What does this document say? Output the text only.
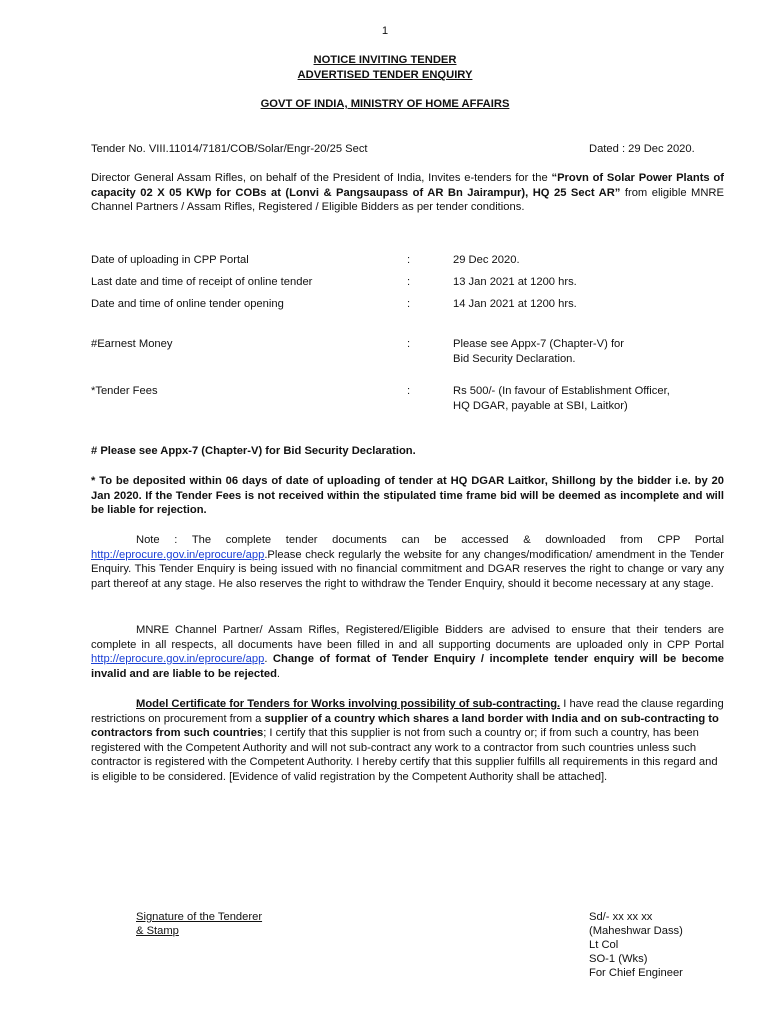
1
NOTICE INVITING TENDER
ADVERTISED TENDER ENQUIRY
GOVT OF INDIA, MINISTRY OF HOME AFFAIRS
Tender No. VIII.11014/7181/COB/Solar/Engr-20/25 Sect	Dated : 29 Dec 2020.
Director General Assam Rifles, on behalf of the President of India, Invites e-tenders for the “Provn of Solar Power Plants of capacity 02 X 05 KWp for COBs at (Lonvi & Pangsaupass of AR Bn Jairampur), HQ 25 Sect AR” from eligible MNRE Channel Partners / Assam Rifles, Registered / Eligible Bidders as per tender conditions.
Date of uploading in CPP Portal	:	29 Dec 2020.
Last date and time of receipt of online tender	:	13 Jan 2021 at 1200 hrs.
Date and time of online tender opening	:	14 Jan 2021 at 1200 hrs.
#Earnest Money	:	Please see Appx-7 (Chapter-V) for
Bid Security Declaration.
*Tender Fees	:	Rs 500/- (In favour of Establishment Officer,
HQ DGAR, payable at SBI, Laitkor)
# Please see Appx-7 (Chapter-V) for Bid Security Declaration.
* To be deposited within 06 days of date of uploading of tender at HQ DGAR Laitkor, Shillong by the bidder i.e. by 20 Jan 2020. If the Tender Fees is not received within the stipulated time frame bid will be deemed as incomplete and will be liable for rejection.
Note : The complete tender documents can be accessed & downloaded from CPP Portal http://eprocure.gov.in/eprocure/app.Please check regularly the website for any changes/modification/ amendment in the Tender Enquiry. This Tender Enquiry is being issued with no financial commitment and DGAR reserves the right to change or vary any part thereof at any stage. He also reserves the right to withdraw the Tender Enquiry, should it become necessary at any stage.
MNRE Channel Partner/ Assam Rifles, Registered/Eligible Bidders are advised to ensure that their tenders are complete in all respects, all documents have been filled in and all supporting documents are uploaded only in CPP Portal http://eprocure.gov.in/eprocure/app. Change of format of Tender Enquiry / incomplete tender enquiry will be become invalid and are liable to be rejected.
Model Certificate for Tenders for Works involving possibility of sub-contracting. I have read the clause regarding restrictions on procurement from a supplier of a country which shares a land border with India and on sub-contracting to contractors from such countries; I certify that this supplier is not from such a country or; if from such a country, has been registered with the Competent Authority and will not sub-contract any work to a contractor from such countries unless such contractor is registered with the Competent Authority. I hereby certify that this supplier fulfills all requirements in this regard and is eligible to be considered. [Evidence of valid registration by the Competent Authority shall be attached].
Signature of the Tenderer
& Stamp
Sd/- xx xx xx
(Maheshwar Dass)
Lt Col
SO-1 (Wks)
For Chief Engineer
